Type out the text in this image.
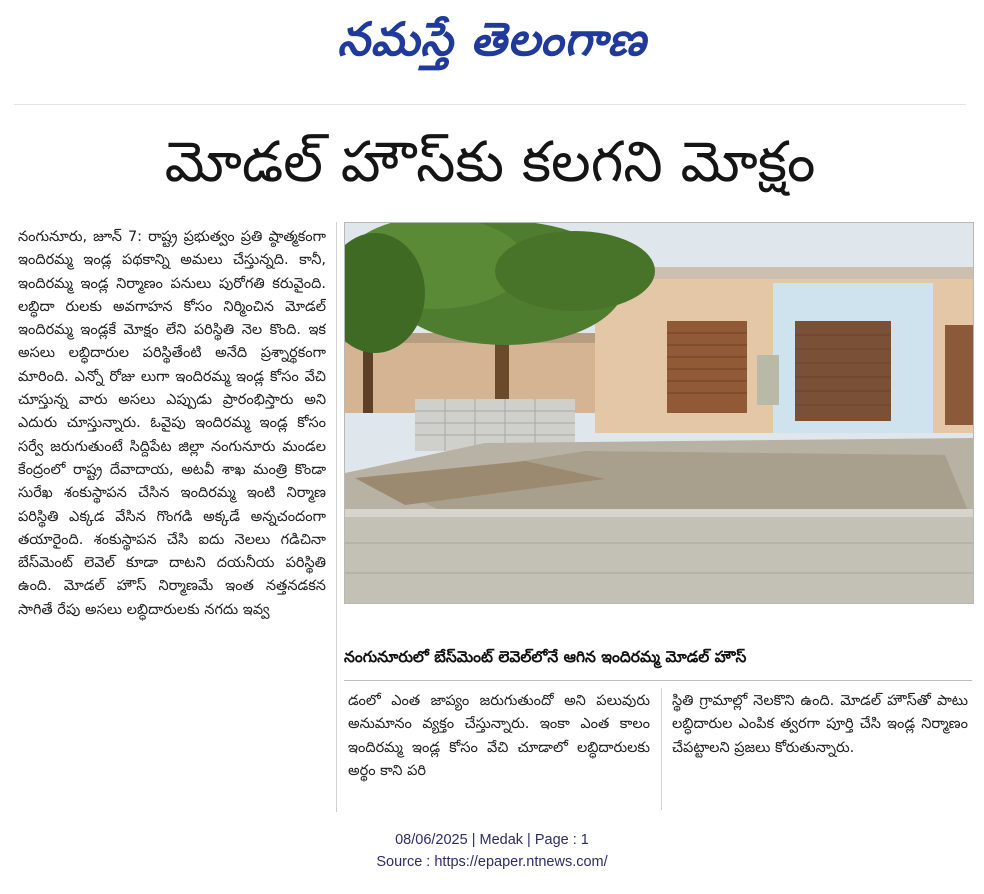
నమస్తే తెలంగాణ
మోడల్ హౌస్‌కు కలగని మోక్షం

నంగునూరు, జూన్ 7: రాష్ట్ర ప్రభుత్వం ప్రతి ష్ఠాత్మకంగా ఇందిరమ్మ ఇండ్ల పథకాన్ని అమలు చేస్తున్నది. కానీ, ఇందిరమ్మ ఇండ్ల నిర్మాణం పనులు పురోగతి కరువైంది. లబ్ధిదా రులకు అవగాహన కోసం నిర్మించిన మోడల్ ఇందిరమ్మ ఇండ్లకే మోక్షం లేని పరిస్థితి నెల కొంది. ఇక అసలు లబ్ధిదారుల పరిస్థితేంటి అనేది ప్రశ్నార్థకంగా మారింది. ఎన్నో రోజు లుగా ఇందిరమ్మ ఇండ్ల కోసం వేచి చూస్తున్న వారు అసలు ఎప్పుడు ప్రారంభిస్తారు అని ఎదురు చూస్తున్నారు. ఓవైపు ఇందిరమ్మ ఇండ్ల కోసం సర్వే జరుగుతుంటే సిద్దిపేట జిల్లా నంగునూరు మండల కేంద్రంలో రాష్ట్ర దేవాదాయ, అటవీ శాఖ మంత్రి కొండా సురేఖ శంకుస్థాపన చేసిన ఇందిరమ్మ ఇంటి నిర్మాణ పరిస్థితి ఎక్కడ వేసిన గొంగడి అక్కడే అన్నచందంగా తయారైంది. శంకుస్థాపన చేసి ఐదు నెలలు గడిచినా బేస్‌మెంట్ లెవెల్ కూడా దాటని దయనీయ పరిస్థితి ఉంది. మోడల్ హౌస్ నిర్మాణమే ఇంత నత్తనడకన సాగితే రేపు అసలు లబ్ధిదారులకు నగదు ఇవ్వ

నంగునూరులో బేస్‌మెంట్ లెవెల్‌లోనే ఆగిన ఇందిరమ్మ మోడల్ హౌస్
డంలో ఎంత జాప్యం జరుగుతుందో అని పలువురు అనుమానం వ్యక్తం చేస్తున్నారు. ఇంకా ఎంత కాలం ఇందిరమ్మ ఇండ్ల కోసం వేచి చూడాలో లబ్ధిదారులకు అర్థం కాని పరి
స్థితి గ్రామాల్లో నెలకొని ఉంది. మోడల్ హౌస్‌తో పాటు లబ్ధిదారుల ఎంపిక త్వరగా పూర్తి చేసి ఇండ్ల నిర్మాణం చేపట్టాలని ప్రజలు కోరుతున్నారు.
08/06/2025 | Medak | Page : 1
Source : https://epaper.ntnews.com/
